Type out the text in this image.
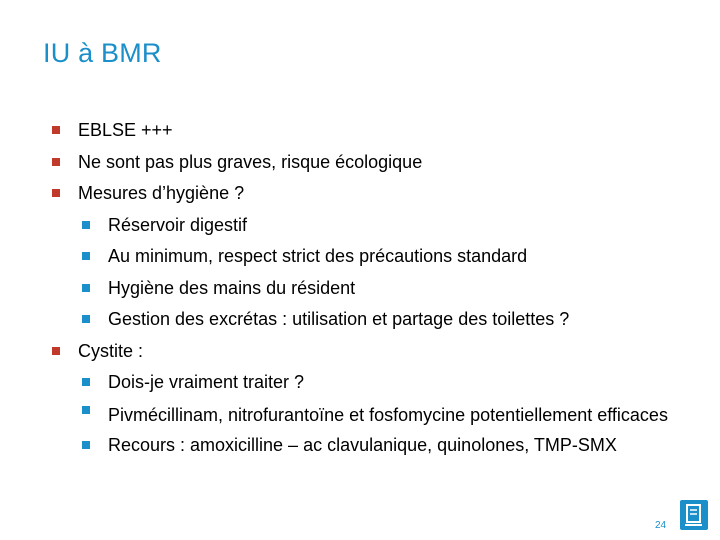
IU à BMR
EBLSE +++
Ne sont pas plus graves, risque écologique
Mesures d’hygiène ?
Réservoir digestif
Au minimum, respect strict des précautions standard
Hygiène des mains du résident
Gestion des excrétas : utilisation et partage des toilettes ?
Cystite :
Dois-je vraiment traiter ?
Pivmécillinam, nitrofurantoïne et fosfomycine potentiellement efficaces
Recours : amoxicilline – ac clavulanique, quinolones, TMP-SMX
24
